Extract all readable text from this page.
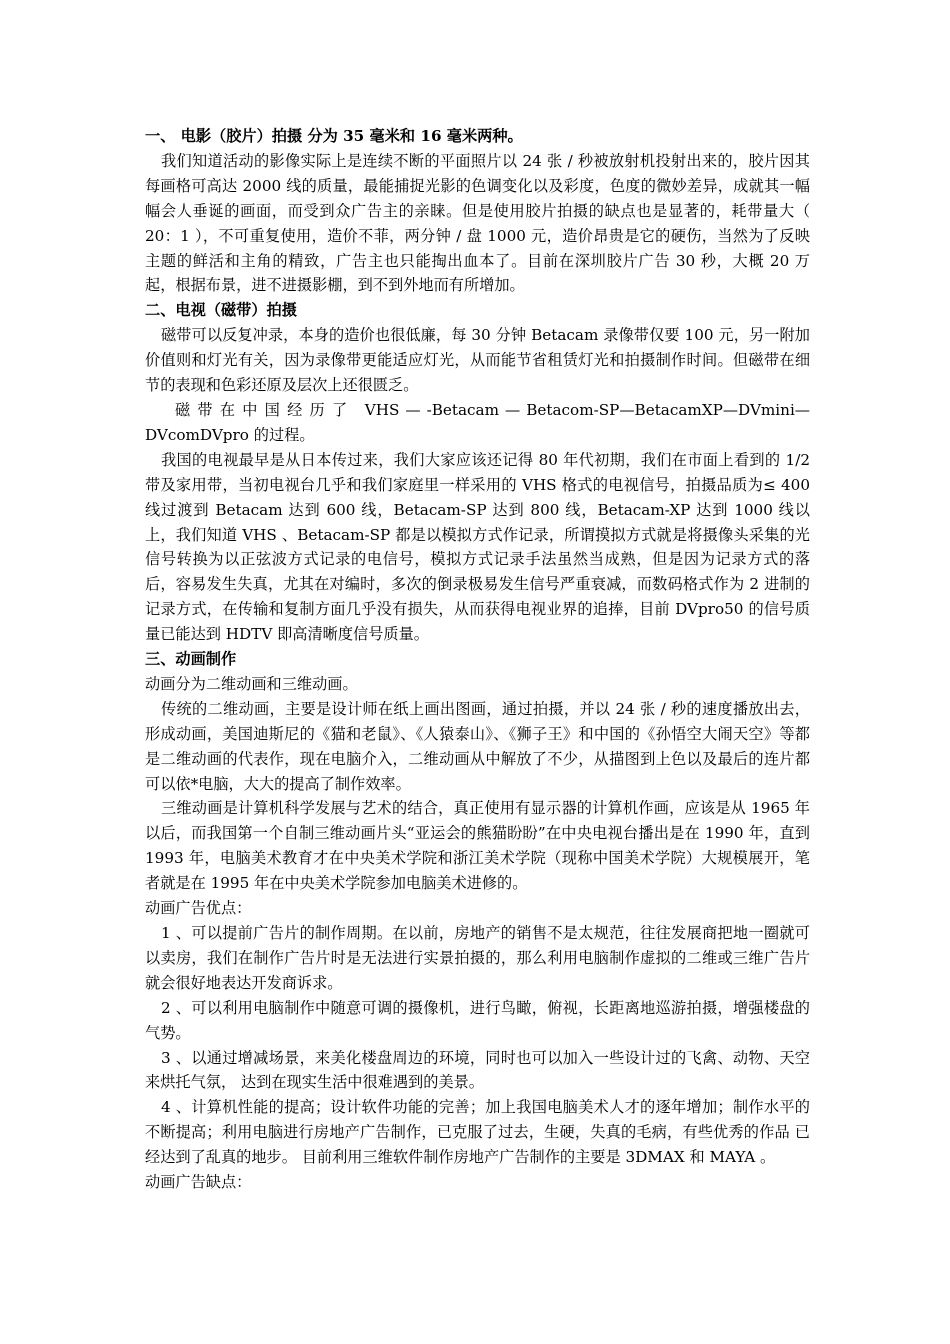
一、 电影（胶片）拍摄 分为 35 毫米和 16 毫米两种。

我们知道活动的影像实际上是连续不断的平面照片以 24 张 / 秒被放射机投射出来的，胶片因其每画格可高达 2000 线的质量，最能捕捉光影的色调变化以及彩度，色度的微妙差异，成就其一幅幅会人垂诞的画面，而受到众广告主的亲睐。但是使用胶片拍摄的缺点也是显著的，耗带量大（ 20：1 ），不可重复使用，造价不菲，两分钟 / 盘 1000 元，造价昂贵是它的硬伤，当然为了反映主题的鲜活和主角的精致，广告主也只能掏出血本了。目前在深圳胶片广告 30 秒，大概 20 万起，根据布景，进不进摄影棚，到不到外地而有所增加。

二、电视（磁带）拍摄

磁带可以反复冲录，本身的造价也很低廉，每 30 分钟 Betacam 录像带仅要 100 元，另一附加价值则和灯光有关，因为录像带更能适应灯光，从而能节省租赁灯光和拍摄制作时间。但磁带在细节的表现和色彩还原及层次上还很匮乏。

磁 带 在 中 国 经 历 了　VHS — -Betacam — Betacom-SP—BetacamXP—DVmini—DVcomDVpro 的过程。

我国的电视最早是从日本传过来，我们大家应该还记得 80 年代初期，我们在市面上看到的 1/2 带及家用带，当初电视台几乎和我们家庭里一样采用的 VHS 格式的电视信号，拍摄品质为≤ 400 线过渡到 Betacam 达到 600 线，Betacam-SP 达到 800 线，Betacam-XP 达到 1000 线以上，我们知道 VHS 、Betacam-SP 都是以模拟方式作记录，所谓摸拟方式就是将摄像头采集的光信号转换为以正弦波方式记录的电信号，模拟方式记录手法虽然当成熟，但是因为记录方式的落后，容易发生失真，尤其在对编时，多次的倒录极易发生信号严重衰减，而数码格式作为 2 进制的记录方式，在传输和复制方面几乎没有损失，从而获得电视业界的追捧，目前 DVpro50 的信号质量已能达到 HDTV 即高清晰度信号质量。

三、动画制作

动画分为二维动画和三维动画。

传统的二维动画，主要是设计师在纸上画出图画，通过拍摄，并以 24 张 / 秒的速度播放出去，形成动画，美国迪斯尼的《猫和老鼠》、《人猿泰山》、《狮子王》和中国的《孙悟空大闹天空》等都是二维动画的代表作，现在电脑介入，二维动画从中解放了不少，从描图到上色以及最后的连片都可以依*电脑，大大的提高了制作效率。

三维动画是计算机科学发展与艺术的结合，真正使用有显示器的计算机作画，应该是从 1965 年以后，而我国第一个自制三维动画片头“亚运会的熊猫盼盼”在中央电视台播出是在 1990 年，直到 1993 年，电脑美术教育才在中央美术学院和浙江美术学院（现称中国美术学院）大规模展开，笔者就是在 1995 年在中央美术学院参加电脑美术进修的。

动画广告优点：

1 、可以提前广告片的制作周期。在以前，房地产的销售不是太规范，往往发展商把地一圈就可以卖房，我们在制作广告片时是无法进行实景拍摄的，那么利用电脑制作虚拟的二维或三维广告片就会很好地表达开发商诉求。

2 、可以利用电脑制作中随意可调的摄像机，进行鸟瞰，俯视，长距离地巡游拍摄，增强楼盘的气势。

3 、以通过增减场景，来美化楼盘周边的环境，同时也可以加入一些设计过的飞禽、动物、天空来烘托气氛， 达到在现实生活中很难遇到的美景。

4 、计算机性能的提高；设计软件功能的完善；加上我国电脑美术人才的逐年增加；制作水平的不断提高；利用电脑进行房地产广告制作，已克服了过去，生硬，失真的毛病，有些优秀的作品 已经达到了乱真的地步。 目前利用三维软件制作房地产广告制作的主要是 3DMAX 和 MAYA 。

动画广告缺点：
